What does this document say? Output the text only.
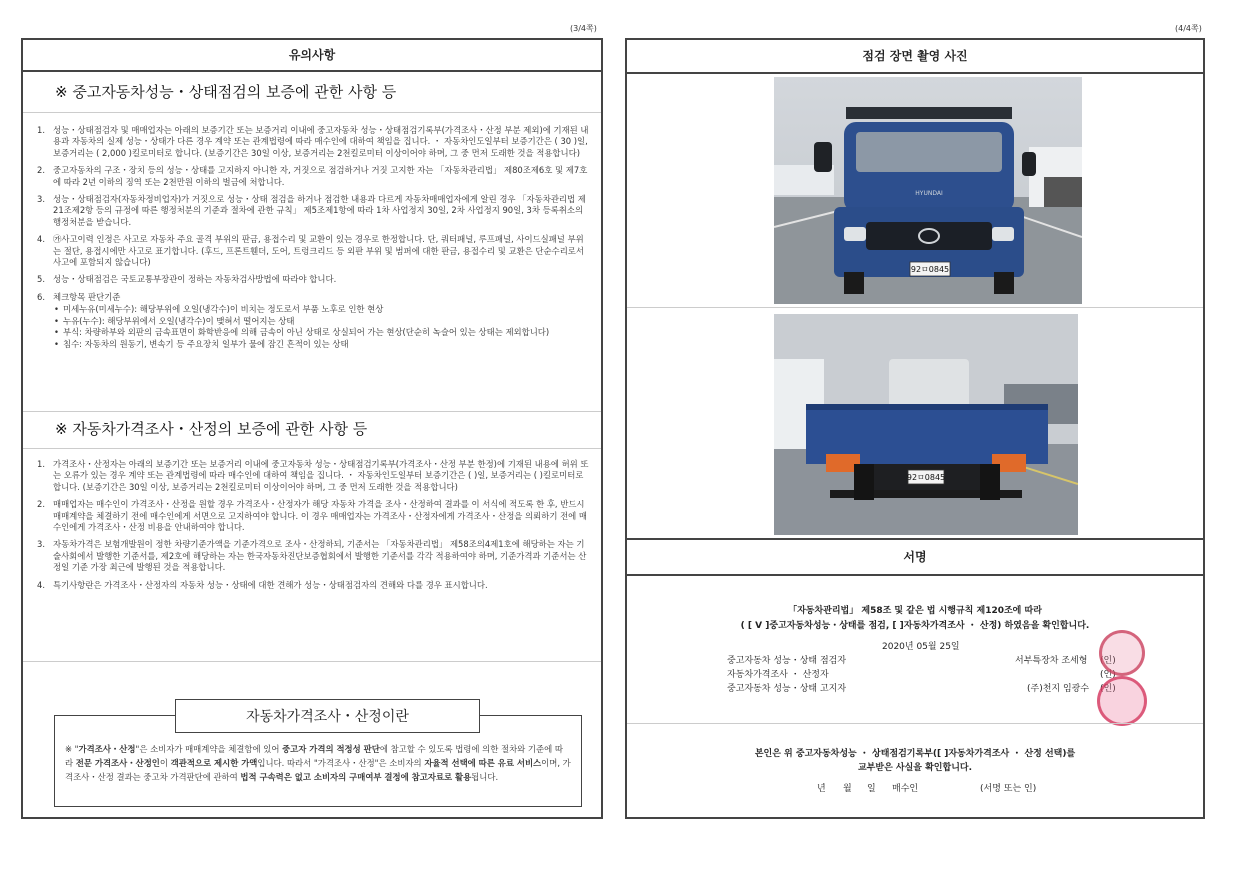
(3/4쪽)	(4/4쪽)
유의사항
※ 중고자동차성능・상태점검의 보증에 관한 사항 등
1. 성능・상태점검자 및 매매업자는 아래의 보증기간 또는 보증거리 이내에 중고자동차 성능・상태점검기록부(가격조사・산정 부분 제외)에 기재된 내용과 자동차의 실제 성능・상태가 다른 경우 계약 또는 관계법령에 따라 매수인에 대하여 책임을 집니다. ・ 자동차인도일부터 보증기간은 ( 30 )일, 보증거리는 ( 2,000 )킬로미터로 합니다. (보증기간은 30일 이상, 보증거리는 2천킬로미터 이상이어야 하며, 그 중 먼저 도래한 것을 적용합니다)
2. 중고자동차의 구조・장치 등의 성능・상태를 고지하지 아니한 자, 거짓으로 점검하거나 거짓 고지한 자는 「자동차관리법」 제80조제6호 및 제7호에 따라 2년 이하의 징역 또는 2천만원 이하의 벌금에 처합니다.
3. 성능・상태점검자(자동차정비업자)가 거짓으로 성능・상태 점검을 하거나 점검한 내용과 다르게 자동차매매업자에게 알린 경우 「자동차관리법 제21조제2항 등의 규정에 따른 행정처분의 기준과 절차에 관한 규칙」 제5조제1항에 따라 1차 사업정지 30일, 2차 사업정지 90일, 3차 등록취소의 행정처분을 받습니다.
4. ㉮사고이력 인정은 사고로 자동차 주요 골격 부위의 판금, 용접수리 및 교환이 있는 경우로 한정합니다. 단, 쿼터패널, 루프패널, 사이드실패널 부위는 절단, 용접시에만 사고로 표기합니다. (후드, 프론트휀더, 도어, 트렁크리드 등 외판 부위 및 범퍼에 대한 판금, 용접수리 및 교환은 단순수리로서 사고에 포함되지 않습니다)
5. 성능・상태점검은 국토교통부장관이 정하는 자동차검사방법에 따라야 합니다.
6. 체크항목 판단기준
• 미세누유(미세누수): 해당부위에 오일(냉각수)이 비치는 정도로서 부품 노후로 인한 현상
• 누유(누수): 해당부위에서 오일(냉각수)이 맺혀서 떨어지는 상태
• 부식: 차량하부와 외판의 금속표면이 화학반응에 의해 금속이 아닌 상태로 상실되어 가는 현상(단순히 녹슬어 있는 상태는 제외합니다)
• 침수: 자동차의 원동기, 변속기 등 주요장치 일부가 물에 잠긴 흔적이 있는 상태
※ 자동차가격조사・산정의 보증에 관한 사항 등
1. 가격조사・산정자는 아래의 보증기간 또는 보증거리 이내에 중고자동차 성능・상태점검기록부(가격조사・산정 부분 한정)에 기재된 내용에 허위 또는 오류가 있는 경우 계약 또는 관계법령에 따라 매수인에 대하여 책임을 집니다. ・ 자동차인도일부터 보증기간은 ( )일, 보증거리는 ( )킬로미터로 합니다. (보증기간은 30일 이상, 보증거리는 2천킬로미터 이상이어야 하며, 그 중 먼저 도래한 것을 적용합니다)
2. 매매업자는 매수인이 가격조사・산정을 원할 경우 가격조사・산정자가 해당 자동차 가격을 조사・산정하여 결과를 이 서식에 적도록 한 후, 반드시 매매계약을 체결하기 전에 매수인에게 서면으로 고지하여야 합니다. 이 경우 매매업자는 가격조사・산정자에게 가격조사・산정을 의뢰하기 전에 매수인에게 가격조사・산정 비용을 안내하여야 합니다.
3. 자동차가격은 보험개발원이 정한 차량기준가액을 기준가격으로 조사・산정하되, 기준서는 「자동차관리법」 제58조의4제1호에 해당하는 자는 기술사회에서 발행한 기준서를, 제2호에 해당하는 자는 한국자동차진단보증협회에서 발행한 기준서를 각각 적용하여야 하며, 기준가격과 기준서는 산정일 기준 가장 최근에 발행된 것을 적용합니다.
4. 특기사항란은 가격조사・산정자의 자동차 성능・상태에 대한 견해가 성능・상태점검자의 견해와 다를 경우 표시합니다.
자동차가격조사・산정이란
※ "가격조사・산정"은 소비자가 매매계약을 체결함에 있어 중고자 가격의 적정성 판단에 참고할 수 있도록 법령에 의한 절차와 기준에 따라 전문 가격조사・산정인이 객관적으로 제시한 가액입니다. 따라서 "가격조사・산정"은 소비자의 자율적 선택에 따른 유료 서비스이며, 가격조사・산정 결과는 중고차 가격판단에 관하여 법적 구속력은 없고 소비자의 구매여부 결정에 참고자료로 활용됩니다.
점검 장면 촬영 사진
92ㅁ0845
HYUNDAI
92ㅁ0845
서명
「자동차관리법」 제58조 및 같은 법 시행규칙 제120조에 따라
( [ V ]중고자동차성능・상태를 점검, [ ]자동차가격조사 ・ 산정) 하였음을 확인합니다.
2020년 05월 25일
중고자동차 성능・상태 점검자	서부특장차 조세형 (인)
자동차가격조사 ・ 산정자	(인)
중고자동차 성능・상태 고지자	(주)천지 임광수 (인)
본인은 위 중고자동차성능 ・ 상태점검기록부([ ]자동차가격조사 ・ 산정 선택)를
교부받은 사실을 확인합니다.
년 월 일 매수인	(서명 또는 인)
